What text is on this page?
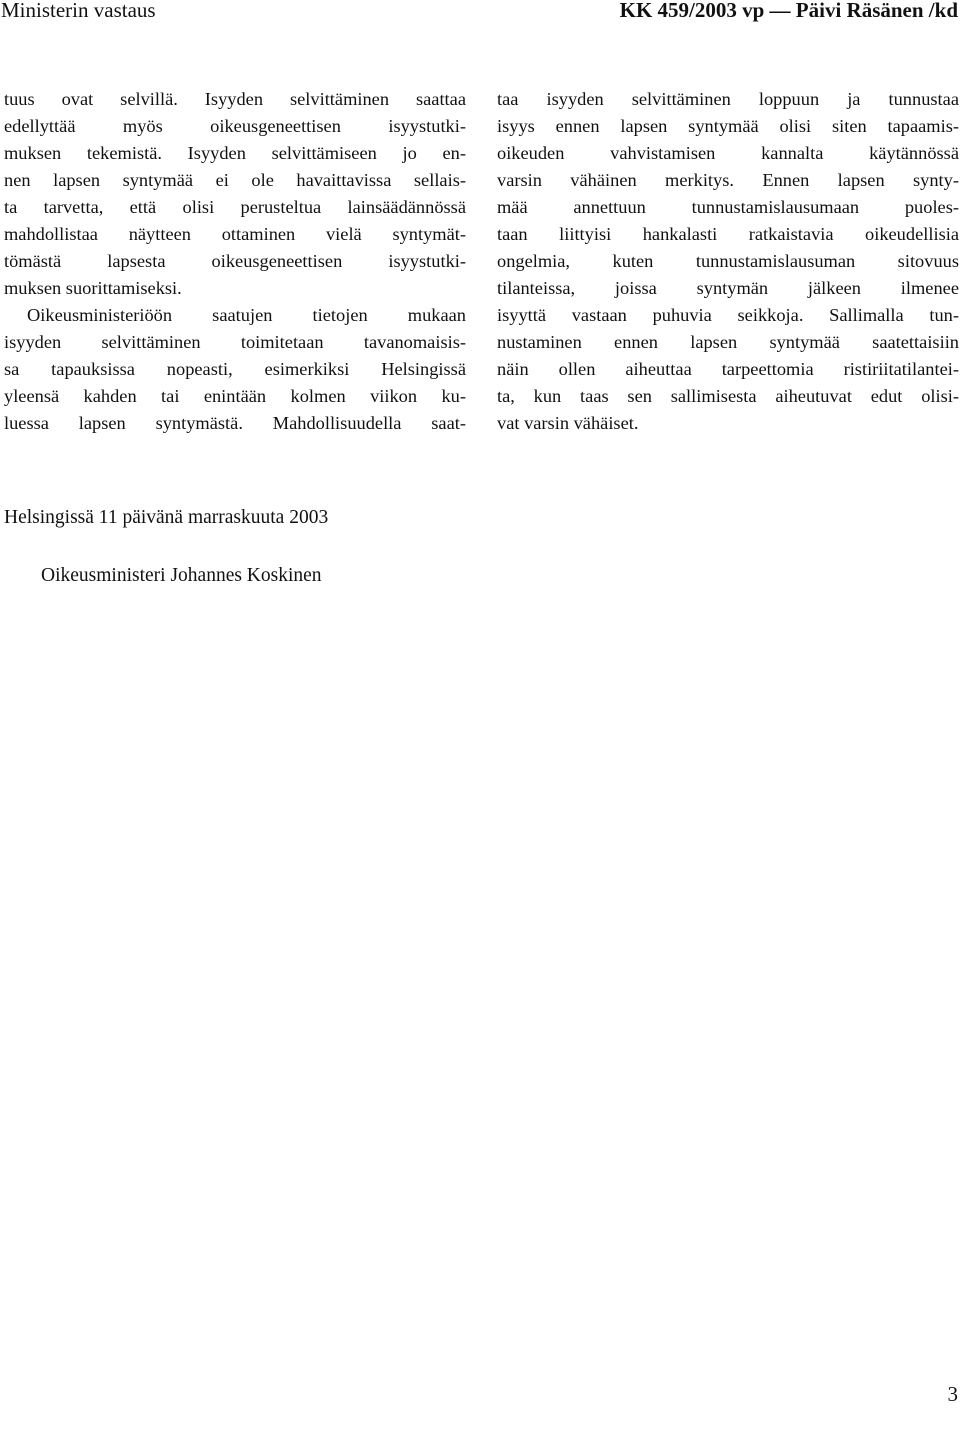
Ministerin vastaus	KK 459/2003 vp — Päivi Räsänen /kd
tuus ovat selvillä. Isyyden selvittäminen saattaa
edellyttää myös oikeusgeneettisen isyystutki-
muksen tekemistä. Isyyden selvittämiseen jo en-
nen lapsen syntymää ei ole havaittavissa sellais-
ta tarvetta, että olisi perusteltua lainsäädännössä
mahdollistaa näytteen ottaminen vielä syntymät-
tömästä lapsesta oikeusgeneettisen isyystutki-
muksen suorittamiseksi.
Oikeusministeriöön saatujen tietojen mukaan
isyyden selvittäminen toimitetaan tavanomaisis-
sa tapauksissa nopeasti, esimerkiksi Helsingissä
yleensä kahden tai enintään kolmen viikon ku-
luessa lapsen syntymästä. Mahdollisuudella saat-
taa isyyden selvittäminen loppuun ja tunnustaa
isyys ennen lapsen syntymää olisi siten tapaamis-
oikeuden vahvistamisen kannalta käytännössä
varsin vähäinen merkitys. Ennen lapsen synty-
mää annettuun tunnustamislausumaan puoles-
taan liittyisi hankalasti ratkaistavia oikeudellisia
ongelmia, kuten tunnustamislausuman sitovuus
tilanteissa, joissa syntymän jälkeen ilmenee
isyyttä vastaan puhuvia seikkoja. Sallimalla tun-
nustaminen ennen lapsen syntymää saatettaisiin
näin ollen aiheuttaa tarpeettomia ristiriitatilantei-
ta, kun taas sen sallimisesta aiheutuvat edut olisi-
vat varsin vähäiset.
Helsingissä 11 päivänä marraskuuta 2003
Oikeusministeri Johannes Koskinen
3
